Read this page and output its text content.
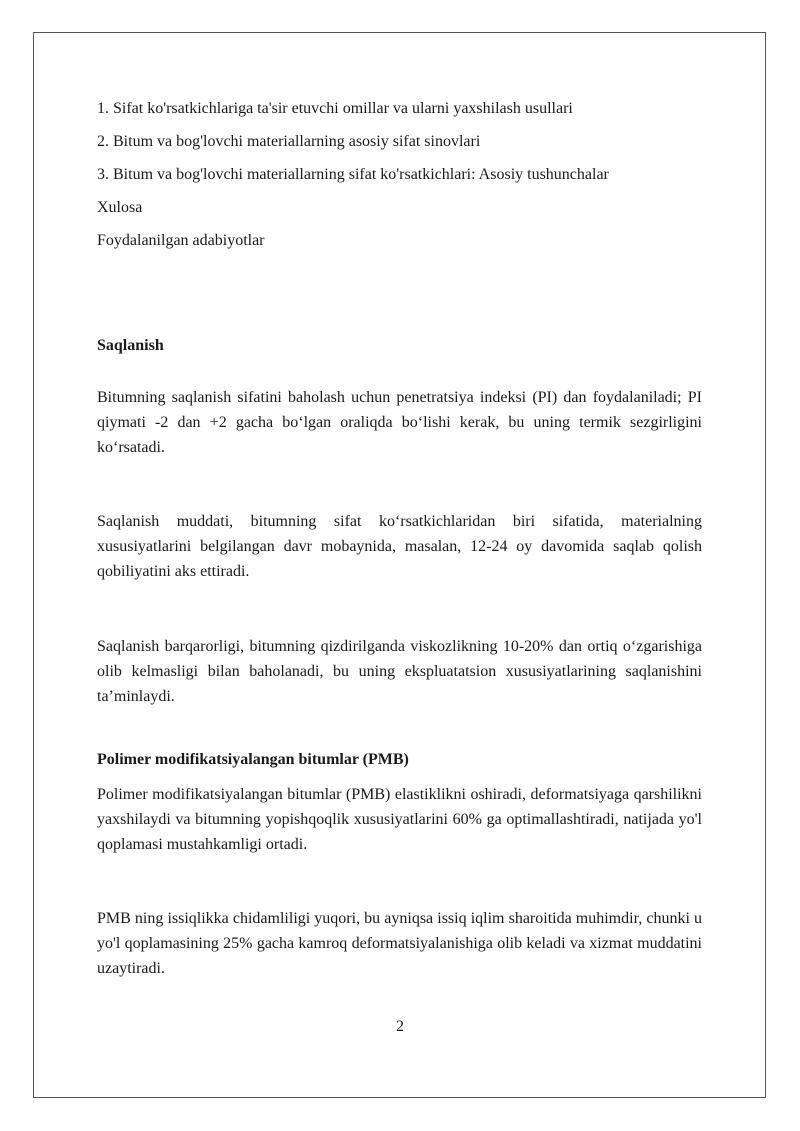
1. Sifat ko'rsatkichlariga ta'sir etuvchi omillar va ularni yaxshilash usullari

2. Bitum va bog'lovchi materiallarning asosiy sifat sinovlari

3. Bitum va bog'lovchi materiallarning sifat ko'rsatkichlari: Asosiy tushunchalar

Xulosa

Foydalanilgan adabiyotlar

Saqlanish

Bitumning saqlanish sifatini baholash uchun penetratsiya indeksi (PI) dan foydalaniladi; PI qiymati -2 dan +2 gacha bo‘lgan oraliqda bo‘lishi kerak, bu uning termik sezgirligini ko‘rsatadi.

Saqlanish muddati, bitumning sifat ko‘rsatkichlaridan biri sifatida, materialning xususiyatlarini belgilangan davr mobaynida, masalan, 12-24 oy davomida saqlab qolish qobiliyatini aks ettiradi.

Saqlanish barqarorligi, bitumning qizdirilganda viskozlikning 10-20% dan ortiq o‘zgarishiga olib kelmasligi bilan baholanadi, bu uning ekspluatatsion xususiyatlarining saqlanishini ta’minlaydi.

Polimer modifikatsiyalangan bitumlar (PMB)

Polimer modifikatsiyalangan bitumlar (PMB) elastiklikni oshiradi, deformatsiyaga qarshilikni yaxshilaydi va bitumning yopishqoqlik xususiyatlarini 60% ga optimallashtiradi, natijada yo'l qoplamasi mustahkamligi ortadi.

PMB ning issiqlikka chidamliligi yuqori, bu ayniqsa issiq iqlim sharoitida muhimdir, chunki u yo'l qoplamasining 25% gacha kamroq deformatsiyalanishiga olib keladi va xizmat muddatini uzaytiradi.

2
